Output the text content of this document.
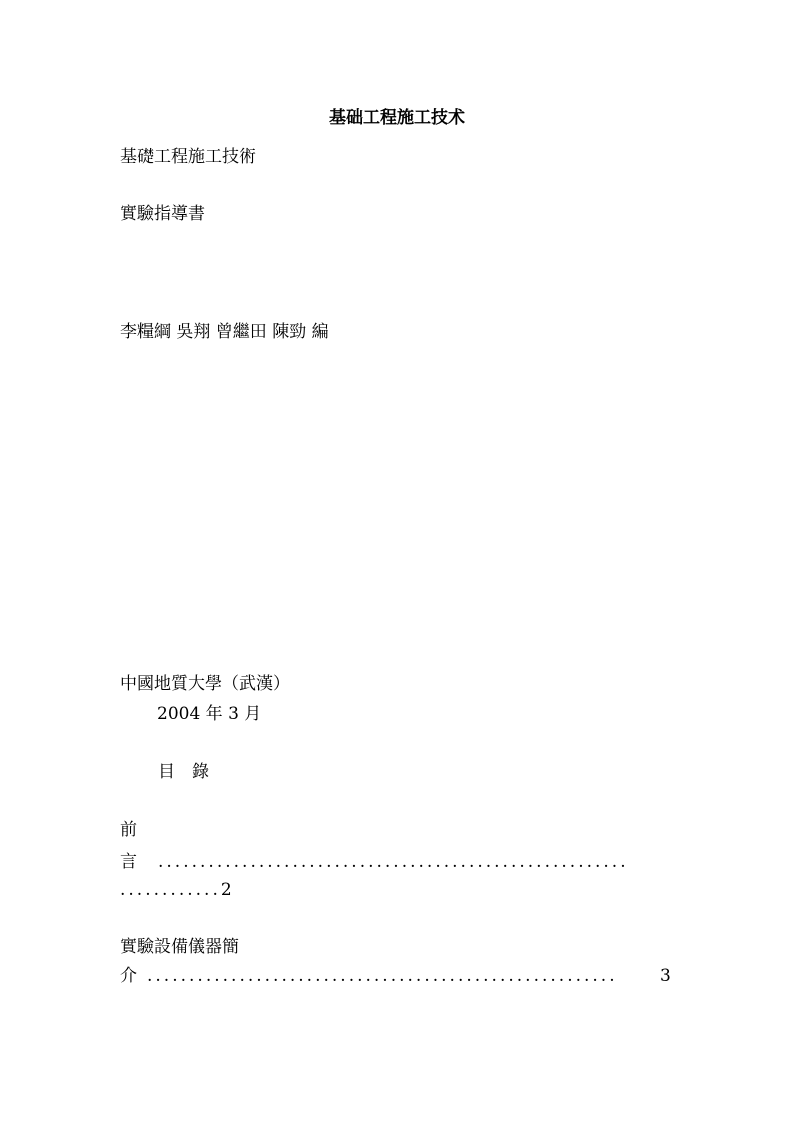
基础工程施工技术
基礎工程施工技術
實驗指導書
李糧綱 吳翔 曾繼田 陳勁 編
中國地質大學（武漢）
2004 年 3 月
目　錄
前
言 ........................................................
............2
實驗設備儀器簡
介 ........................................................	3
